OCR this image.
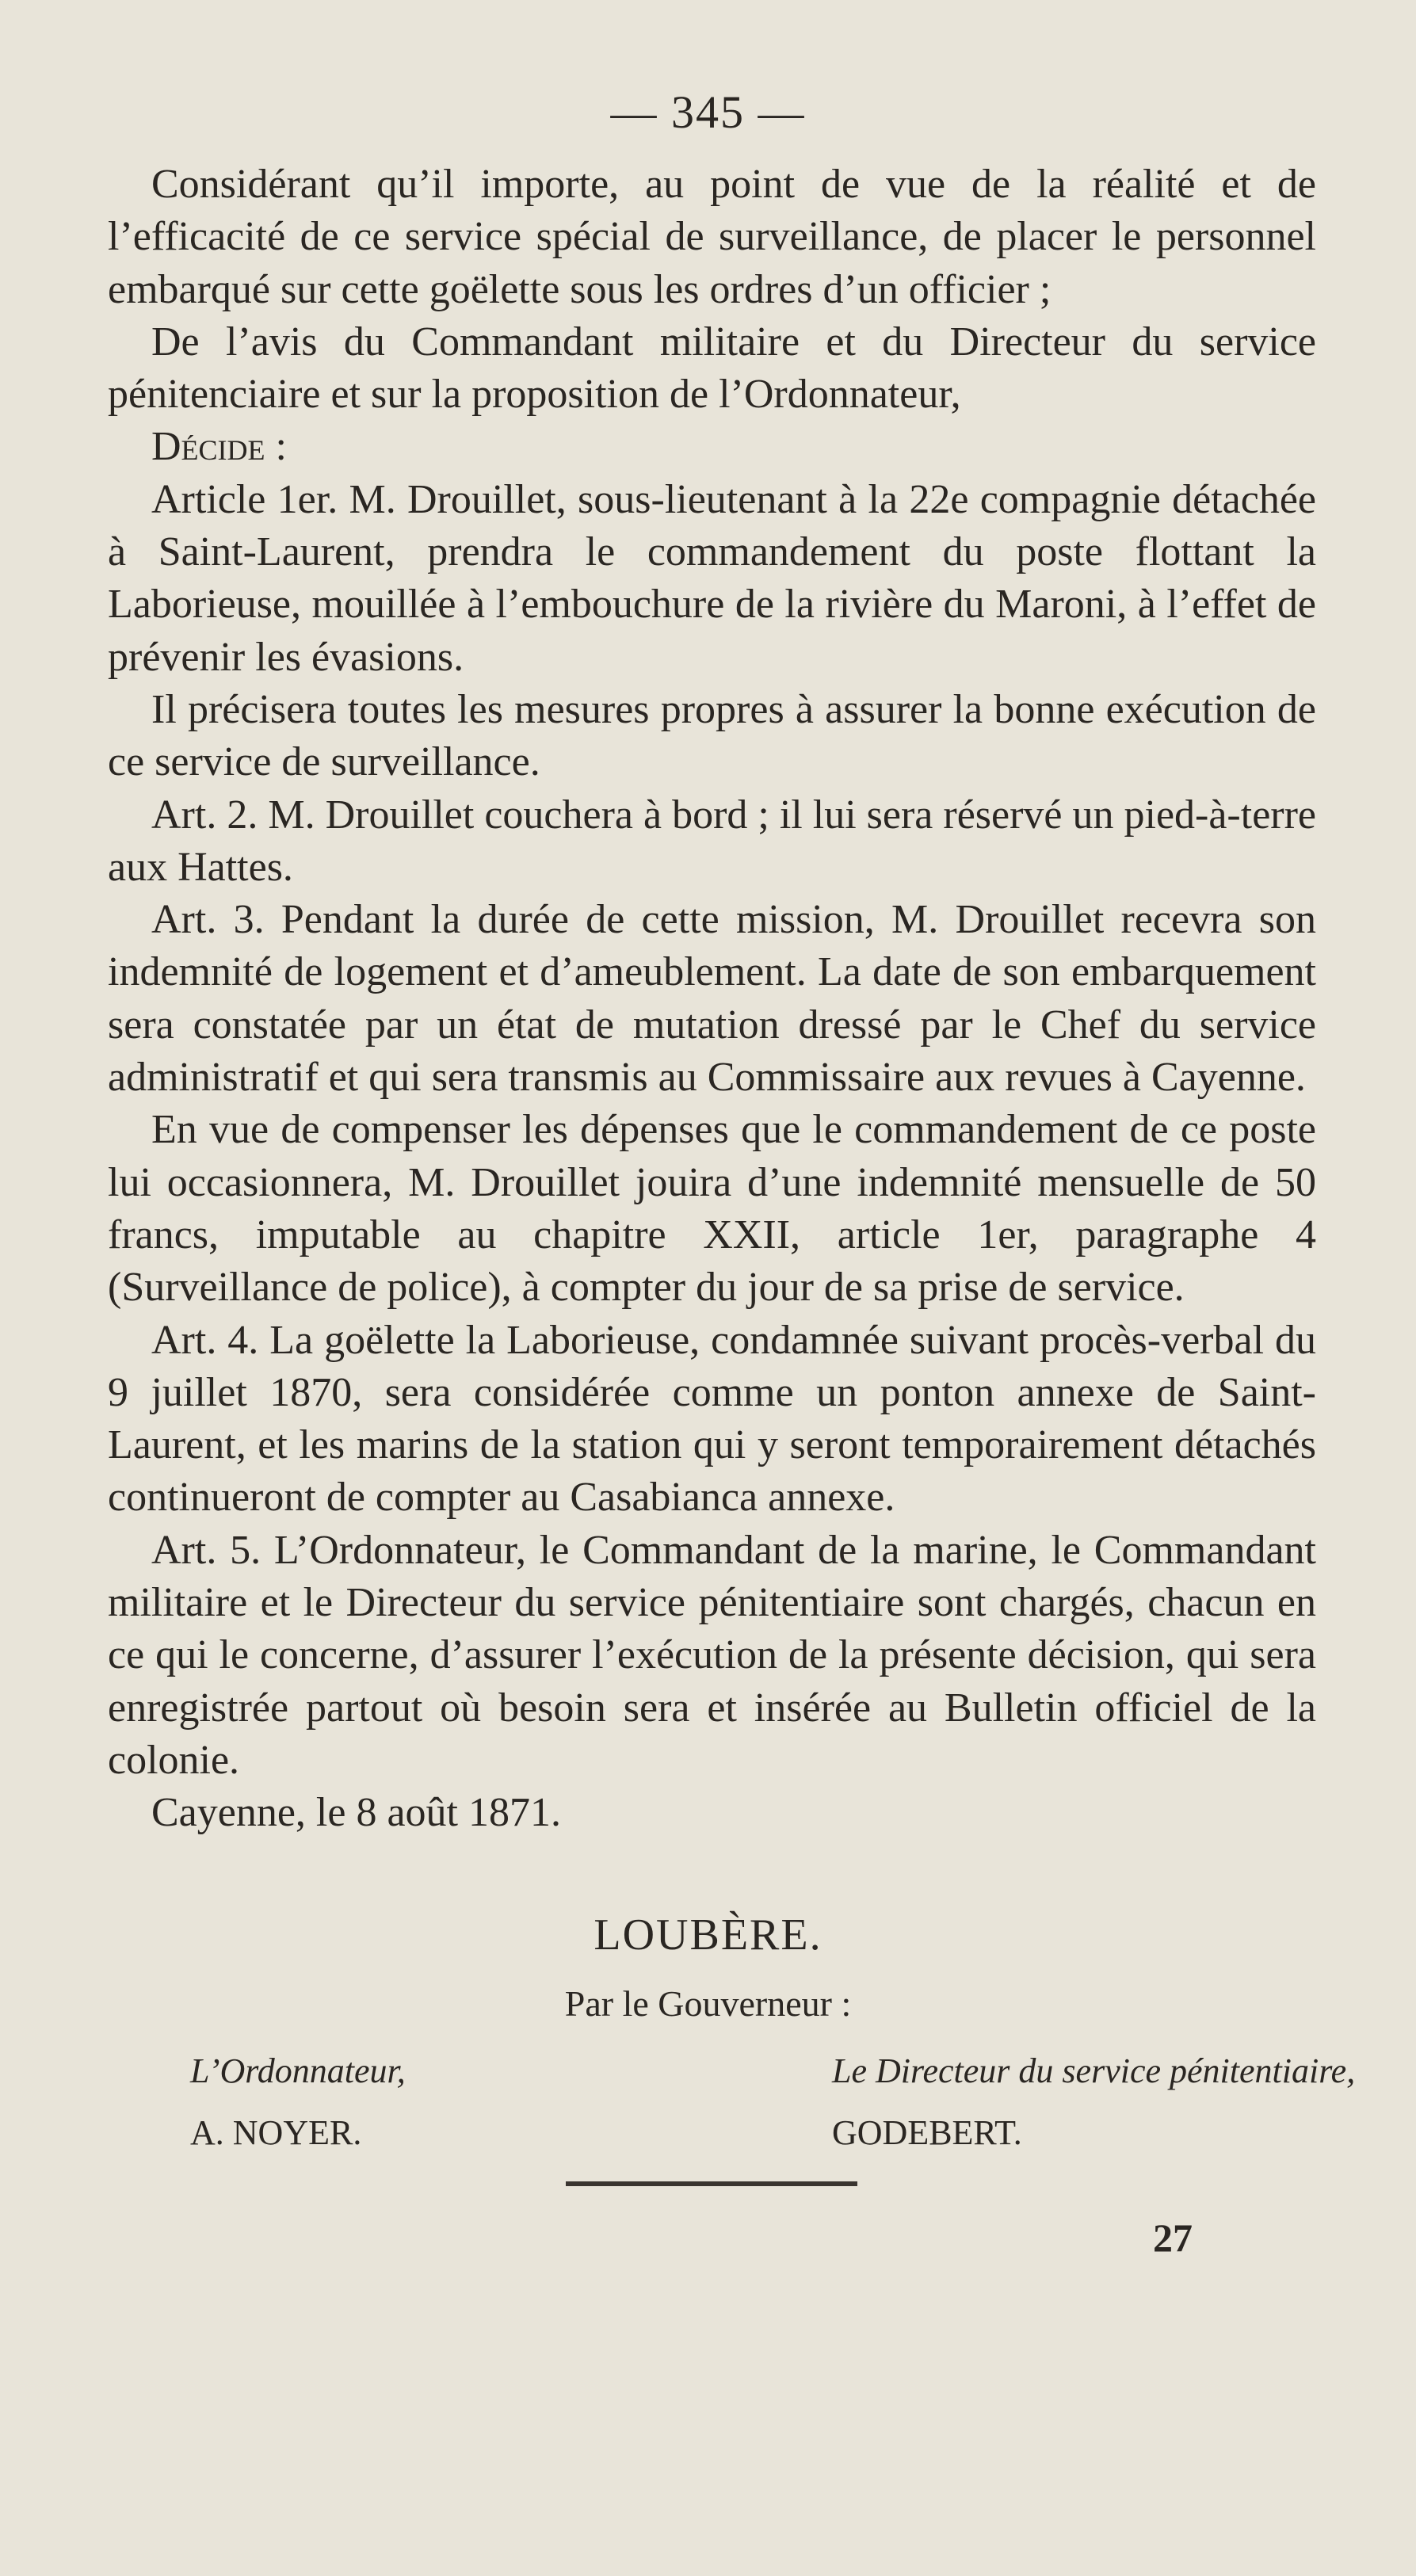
— 345 —

Considérant qu’il importe, au point de vue de la réalité et de l’efficacité de ce service spécial de surveillance, de placer le personnel embarqué sur cette goëlette sous les ordres d’un officier ;

De l’avis du Commandant militaire et du Directeur du service pénitenciaire et sur la proposition de l’Ordonnateur,

Décide :

Article 1er. M. Drouillet, sous-lieutenant à la 22e compagnie détachée à Saint-Laurent, prendra le commandement du poste flottant la Laborieuse, mouillée à l’embouchure de la rivière du Maroni, à l’effet de prévenir les évasions.

Il précisera toutes les mesures propres à assurer la bonne exécution de ce service de surveillance.

Art. 2. M. Drouillet couchera à bord ; il lui sera réservé un pied-à-terre aux Hattes.

Art. 3. Pendant la durée de cette mission, M. Drouillet recevra son indemnité de logement et d’ameublement. La date de son embarquement sera constatée par un état de mutation dressé par le Chef du service administratif et qui sera transmis au Commissaire aux revues à Cayenne.

En vue de compenser les dépenses que le commandement de ce poste lui occasionnera, M. Drouillet jouira d’une indemnité mensuelle de 50 francs, imputable au chapitre XXII, article 1er, paragraphe 4 (Surveillance de police), à compter du jour de sa prise de service.

Art. 4. La goëlette la Laborieuse, condamnée suivant procès-verbal du 9 juillet 1870, sera considérée comme un ponton annexe de Saint-Laurent, et les marins de la station qui y seront temporairement détachés continueront de compter au Casabianca annexe.

Art. 5. L’Ordonnateur, le Commandant de la marine, le Commandant militaire et le Directeur du service pénitentiaire sont chargés, chacun en ce qui le concerne, d’assurer l’exécution de la présente décision, qui sera enregistrée partout où besoin sera et insérée au Bulletin officiel de la colonie.

Cayenne, le 8 août 1871.

LOUBÈRE.
Par le Gouverneur :
L’Ordonnateur,	Le Directeur du service pénitentiaire,
A. NOYER.	GODEBERT.
27
